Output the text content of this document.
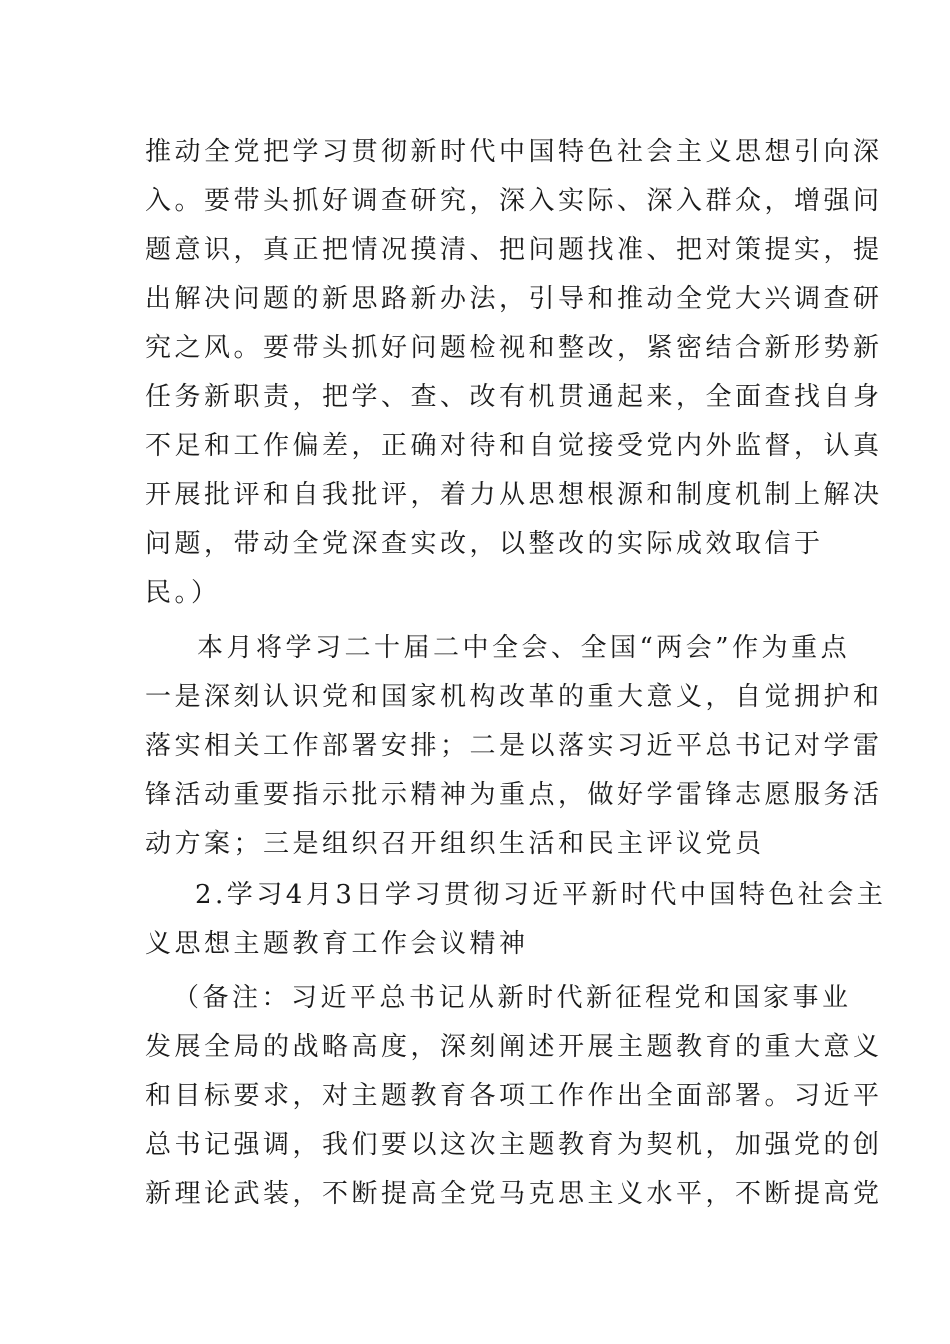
推动全党把学习贯彻新时代中国特色社会主义思想引向深
入。要带头抓好调查研究，深入实际、深入群众，增强问
题意识，真正把情况摸清、把问题找准、把对策提实，提
出解决问题的新思路新办法，引导和推动全党大兴调查研
究之风。要带头抓好问题检视和整改，紧密结合新形势新
任务新职责，把学、查、改有机贯通起来，全面查找自身
不足和工作偏差，正确对待和自觉接受党内外监督，认真
开展批评和自我批评，着力从思想根源和制度机制上解决
问题，带动全党深查实改，以整改的实际成效取信于
民。）
本月将学习二十届二中全会、全国“两会”作为重点
一是深刻认识党和国家机构改革的重大意义，自觉拥护和
落实相关工作部署安排；二是以落实习近平总书记对学雷
锋活动重要指示批示精神为重点，做好学雷锋志愿服务活
动方案；三是组织召开组织生活和民主评议党员
2.学习4月3日学习贯彻习近平新时代中国特色社会主
义思想主题教育工作会议精神
（备注：习近平总书记从新时代新征程党和国家事业
发展全局的战略高度，深刻阐述开展主题教育的重大意义
和目标要求，对主题教育各项工作作出全面部署。习近平
总书记强调，我们要以这次主题教育为契机，加强党的创
新理论武装，不断提高全党马克思主义水平，不断提高党
